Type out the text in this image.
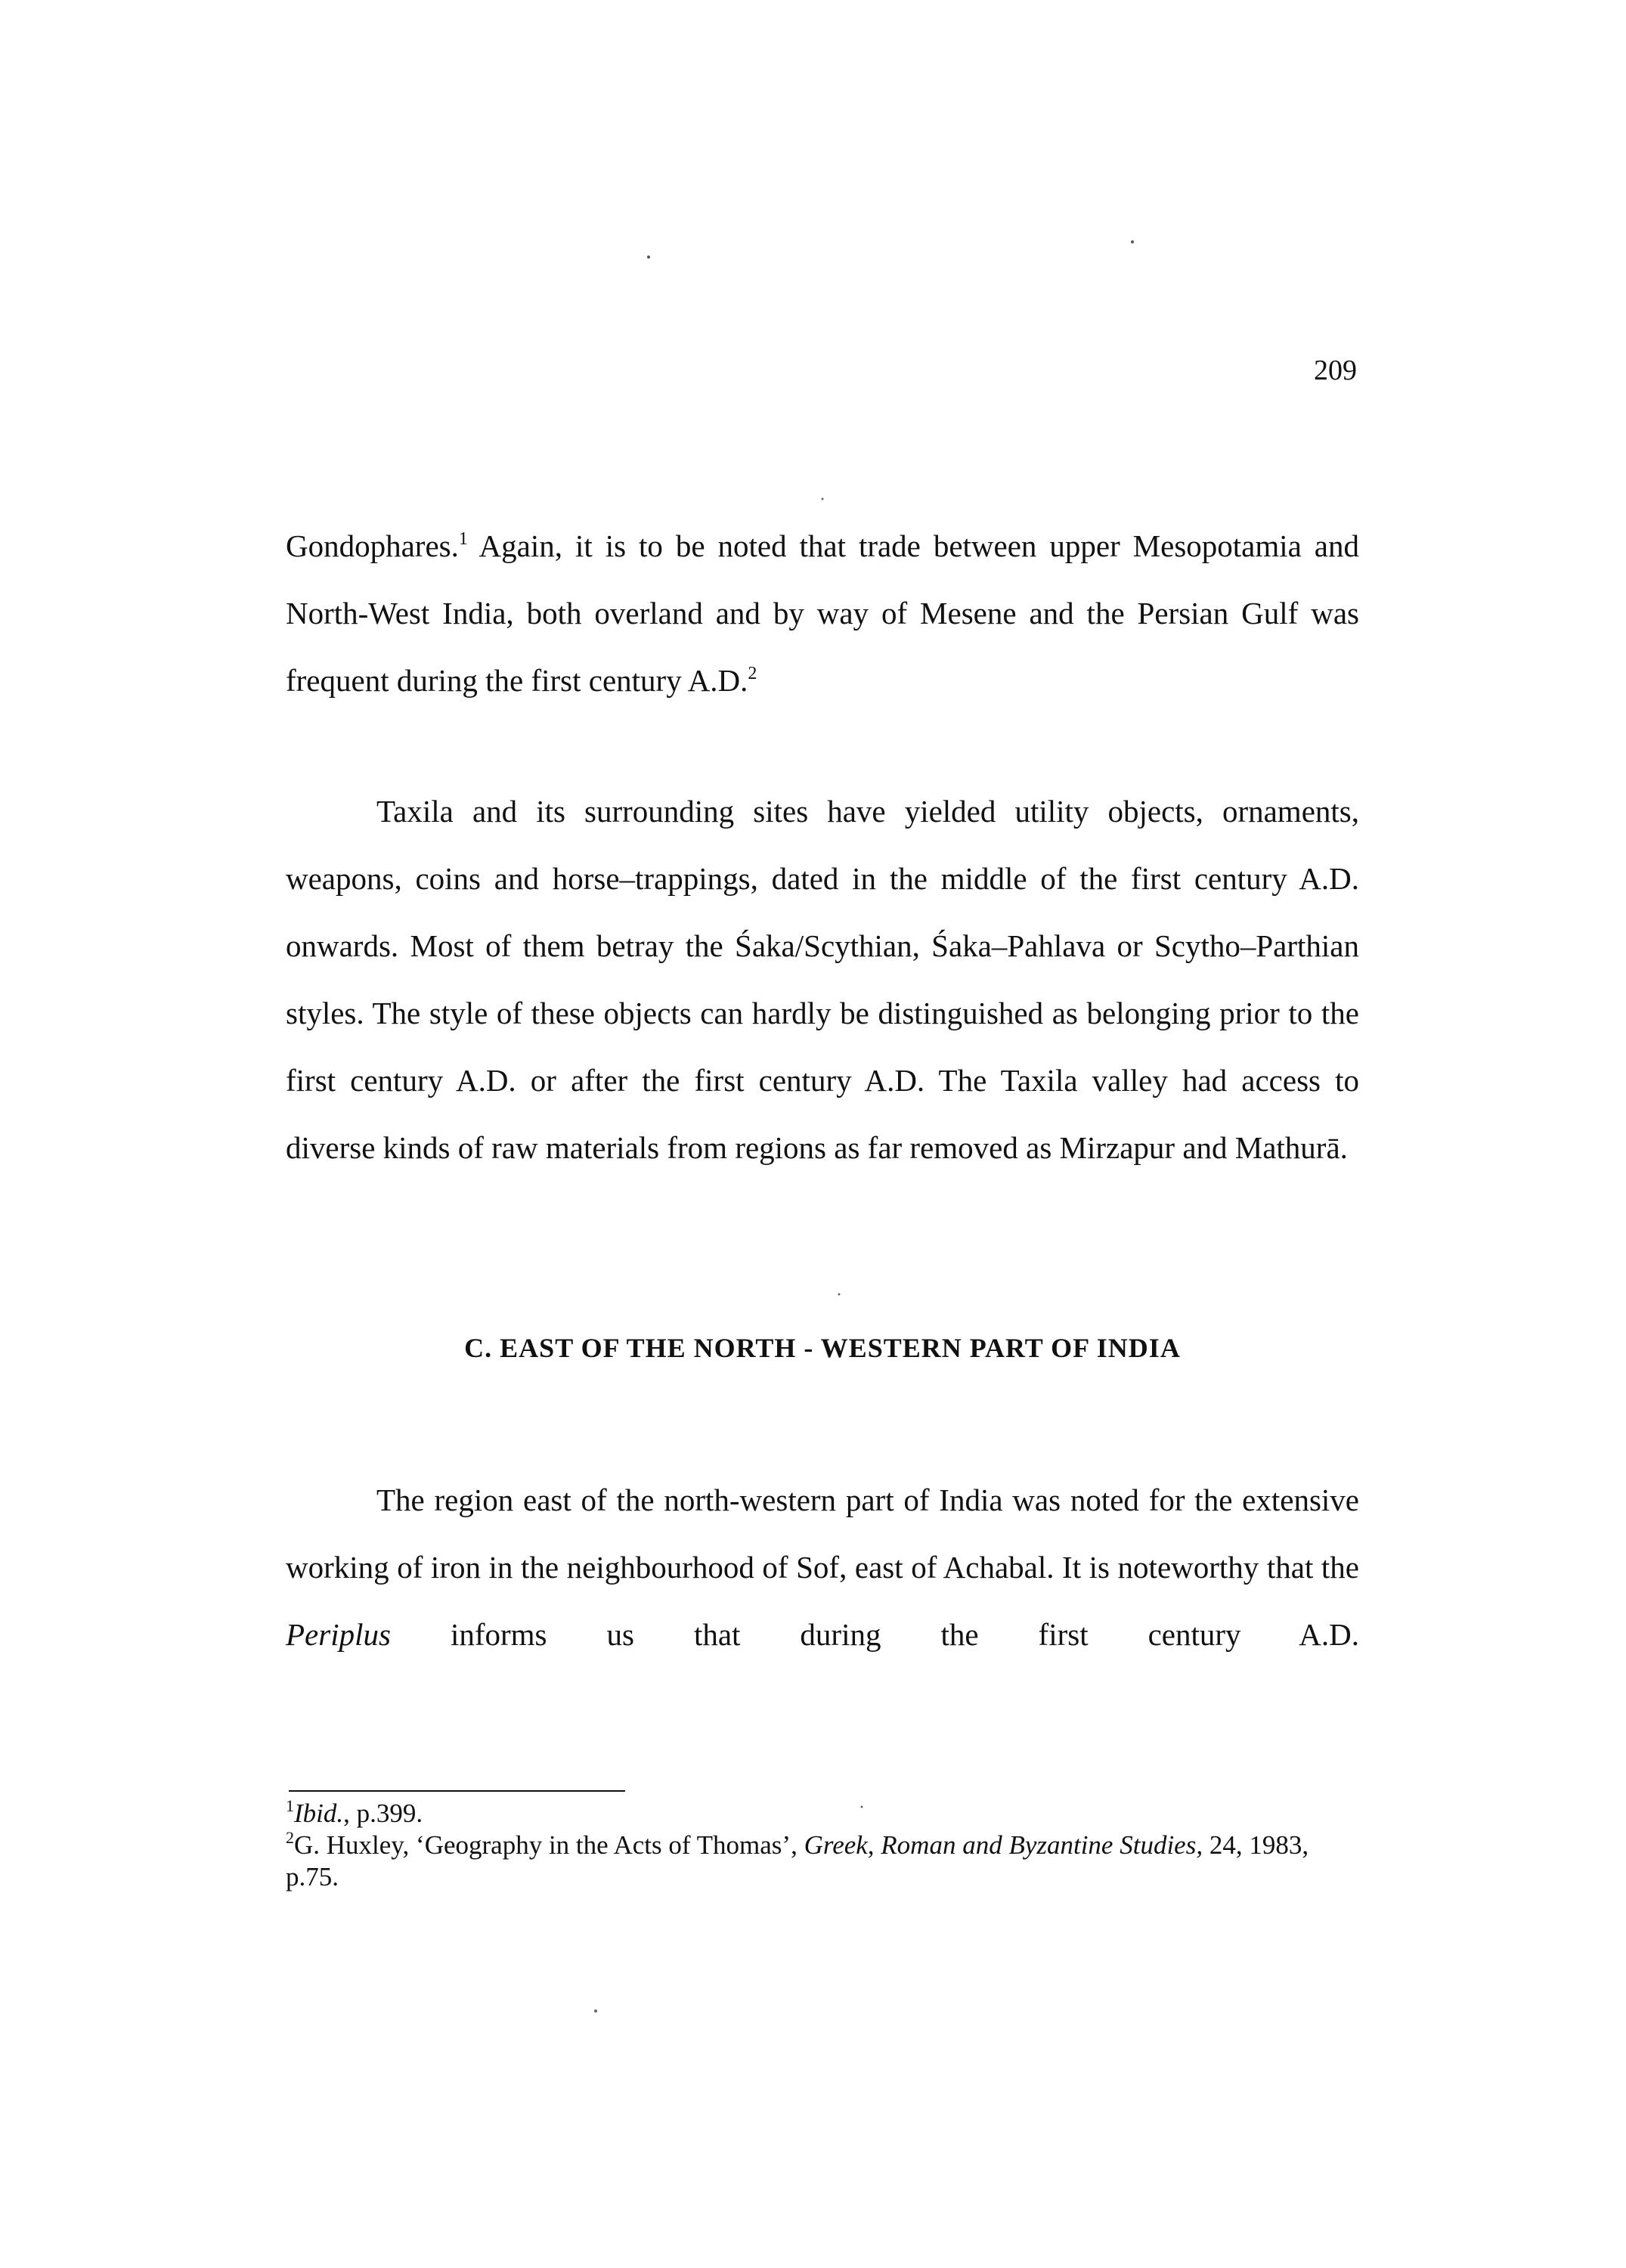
209

Gondophares.$^1$ Again, it is to be noted that trade between upper Mesopotamia and North-West India, both overland and by way of Mesene and the Persian Gulf was frequent during the first century A.D.$^2$

Taxila and its surrounding sites have yielded utility objects, ornaments, weapons, coins and horse–trappings, dated in the middle of the first century A.D. onwards. Most of them betray the Śaka/Scythian, Śaka–Pahlava or Scytho–Parthian styles. The style of these objects can hardly be distinguished as belonging prior to the first century A.D. or after the first century A.D. The Taxila valley had access to diverse kinds of raw materials from regions as far removed as Mirzapur and Mathurā.

C. EAST OF THE NORTH - WESTERN PART OF INDIA

The region east of the north-western part of India was noted for the extensive working of iron in the neighbourhood of Sof, east of Achabal. It is noteworthy that the Periplus informs us that during the first century A.D.

$^1$Ibid., p.399.

$^2$G. Huxley, ‘Geography in the Acts of Thomas’, Greek, Roman and Byzantine Studies, 24, 1983, p.75.
